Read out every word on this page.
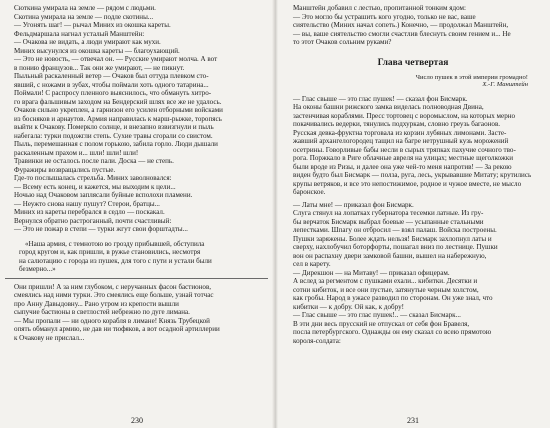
Сюткина умирала на земле — рядом с людьми.

Скотина умирала на земле — подле скотины...

— Угонять шаг! — рычал Миних из окошка кареты.

Фельдмаршала нагнал усталый Манштейн:

— Очакова не видать, а люди умирают как мухи.

Миних высунулся из окошка кареты — благоухающий.

— Это не новость, — отвечал он. — Русские умирают молча. А вот

в понию французов... Так они же умирают, — не пикнут.

Пыльный раскаленный ветер — Очаков был оттуда плевком сто-

явший, с ножами в зубах, чтобы поймали хоть одного татарина...

Поймали! С распросу пленного выяснилось, что обмануть хитро-

го врага фальшивым заходом на Бендерский шлях все же не удалось.

Очаков сильно укреплен, а гарнизон его усилен отборными войсками

из босняков и арнаутов. Армия направилась к марш-рыжке, торопясь

выйти к Очакову. Померкло солнце, и внезапно взвизгнули и пыль

набегала: турки подожгли степь. Сухие травы сгорали со свистом.

Пыль, перемешанная с полом горькою, забила горло. Люди дышали

раскаленным прахом и... шли! шли! шли!

Травинки не осталось после пали. Доска — не степь.

Фуражиры возвращались пустые.

Где-то послышалась стрельба. Миних заволновался:

— Всему есть конец, и кажется, мы выходим к цели...

Ночью над Очаковом заплясали буйные всполохи пламени.

— Неужто снова нашу пушут? Стерои, братцы...

Миних из кареты перебрался в седло — поскакал.

Вернулся обратно растроганный, почти счастливый:

— Это не пожар в степи — турки жгут свои форштадты...

«Наша армия, с темнотою во грозду прибывшей, обступила

город кругом и, как пришли, в ружье становились, несмотря

на салютацию с города из пушек, для того с пути и устали были

безмерно...»

Они пришли! А за ним глубоком, с неручанных фасон бастионов,

смеялись над ними турки. Это смеялись еще больше, узнай тотчас

про Анну Давыдовну... Рано утром из крепости вышли

сыпучие бастионы в светлостей небрежно по дуге лимана.

— Мы пропали — ни одного корабля в лимане! Князь Трубецкой

опять обманул армию, не дав ни тюфяков, а вот осадной артиллерии

к Очакову не прислал...

230

Манштейн добавил с лестью, пропитанной тонким ядом:

— Это могло бы устрашить кого угодно, только не вас, ваше

сиятельство (Миних начал сопеть.) Конечно, — продолжал Манштейн,

— вы, ваше сиятельство смогли счастлив блеснуть своим гением и... Не

то этот Очаков сольним руками?

Глава четвертая
Число пушек в этой империи громадно!
Х.-Г. Манштейн

— Глас свыше — это глас пушек! — сказал фон Бисмарк.

На оконы башни рижского замка виделась полноводная Двина,

застенчивая кораблями. Пресс тортовец с воромыслом, на которых мерно

покачивались ведерки, тянулись подхуркам, словно греузь багаонов.

Русская девка-фруктна торговала из корзин лубяных лимонами. Засте-

жавший архангелогородец тащил на багре нетрушный кузь морожений

осетрины. Говорливые бабы несли в сырых тряпках пахучие сочного тво-

рога. Поржкало в Риге облачные авреля на улицах; местные щеголкожки

были вроде из Ризы, и далее она уже чей-то меня напротив! — За рекою

виден будто был Бисмарк — полза, руга, лесь, укрывавшие Митату; крутились

крупы ветряков, и все это непостижимое, родное и чужое вместе, не мысло

баронское.

— Латы мне! — приказал фон Бисмарк.

Слуга стянул на лопатках губернатора тесемки латные. Из гру-

бы верчаток Бисмарк выбрал боевые — усыпанные стальными

лепестками. Шпагу он отбросил — взял палаш. Войска построены.

Пушки заряжены. Более ждать нельзя! Бисмарк захлопнул латы и

сверху, нахлобучил боторфорты, пошагал вниз по лестнице. Пушки

вон он распахну двери замковой башни, вышел на набережную,

сел в карету.

— Дирекшон — на Митаву! — приказал офицерам.

А вслед за регментом с пушками ехали... кибитки. Десятки и

сотни кибиток, и все они пустые, затянутые черным холстом,

как гробы. Народ в ужасе разводил по сторонам. Он уже знал, что

кибитки — к добру. Ой как, к добру!

— Глас свыше — это глас пушек!.. — сказал Бисмарк...

В эти дни весь прусский не отпускал от себя фон Бравеля,

посла петербургского. Однажды он ему сказал со всею прямотою

короля-солдата:

231
